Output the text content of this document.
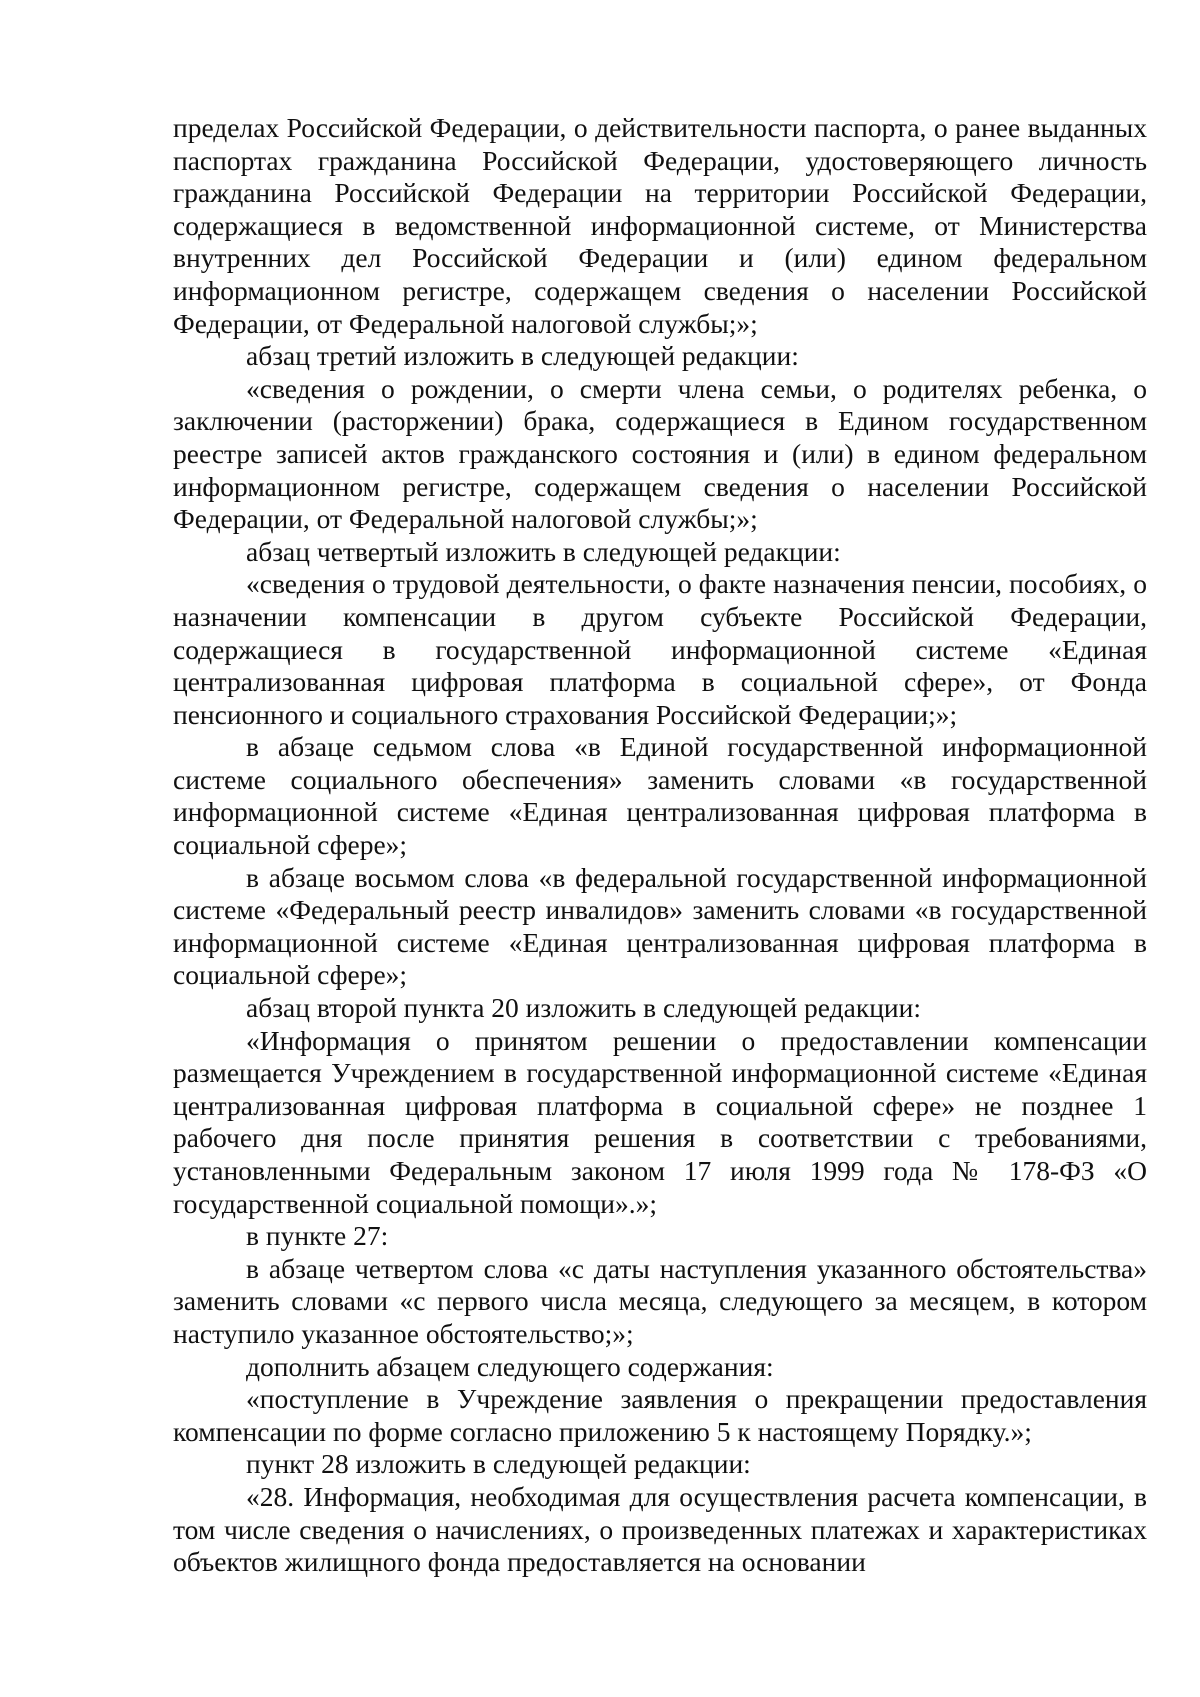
пределах Российской Федерации, о действительности паспорта, о ранее выданных паспортах гражданина Российской Федерации, удостоверяющего личность гражданина Российской Федерации на территории Российской Федерации, содержащиеся в ведомственной информационной системе, от Министерства внутренних дел Российской Федерации и (или) едином федеральном информационном регистре, содержащем сведения о населении Российской Федерации, от Федеральной налоговой службы;»;

абзац третий изложить в следующей редакции:

«сведения о рождении, о смерти члена семьи, о родителях ребенка, о заключении (расторжении) брака, содержащиеся в Едином государственном реестре записей актов гражданского состояния и (или) в едином федеральном информационном регистре, содержащем сведения о населении Российской Федерации, от Федеральной налоговой службы;»;

абзац четвертый изложить в следующей редакции:

«сведения о трудовой деятельности, о факте назначения пенсии, пособиях, о назначении компенсации в другом субъекте Российской Федерации, содержащиеся в государственной информационной системе «Единая централизованная цифровая платформа в социальной сфере», от Фонда пенсионного и социального страхования Российской Федерации;»;

в абзаце седьмом слова «в Единой государственной информационной системе социального обеспечения» заменить словами «в государственной информационной системе «Единая централизованная цифровая платформа в социальной сфере»;

в абзаце восьмом слова «в федеральной государственной информационной системе «Федеральный реестр инвалидов» заменить словами «в государственной информационной системе «Единая централизованная цифровая платформа в социальной сфере»;

абзац второй пункта 20 изложить в следующей редакции:

«Информация о принятом решении о предоставлении компенсации размещается Учреждением в государственной информационной системе «Единая централизованная цифровая платформа в социальной сфере» не позднее 1 рабочего дня после принятия решения в соответствии с требованиями, установленными Федеральным законом 17 июля 1999 года № 178-ФЗ «О государственной социальной помощи».»;

в пункте 27:

в абзаце четвертом слова «с даты наступления указанного обстоятельства» заменить словами «с первого числа месяца, следующего за месяцем, в котором наступило указанное обстоятельство;»;

дополнить абзацем следующего содержания:

«поступление в Учреждение заявления о прекращении предоставления компенсации по форме согласно приложению 5 к настоящему Порядку.»;

пункт 28 изложить в следующей редакции:

«28. Информация, необходимая для осуществления расчета компенсации, в том числе сведения о начислениях, о произведенных платежах и характеристиках объектов жилищного фонда предоставляется на основании
